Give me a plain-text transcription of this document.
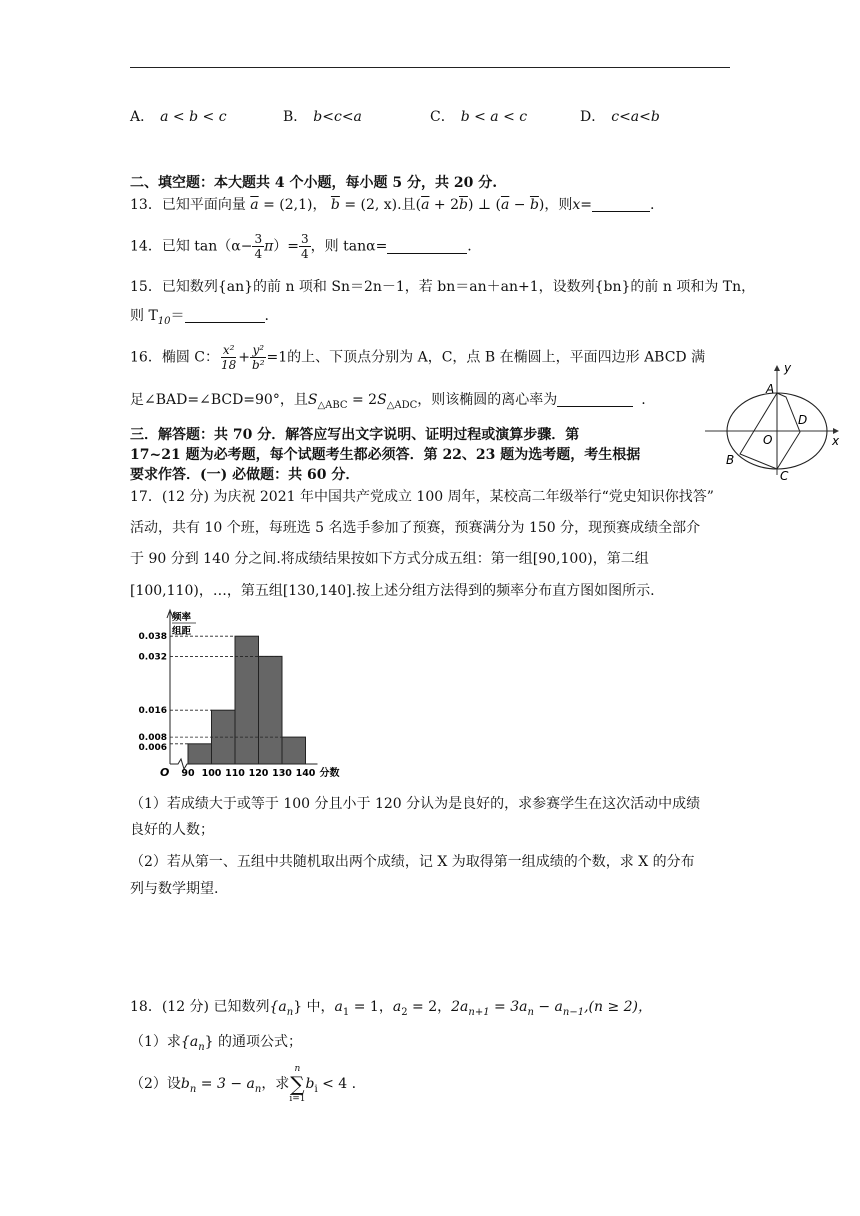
A． a < b < c	B． b<c<a	C． b < a < c	D． c<a<b
二、填空题：本大题共 4 个小题，每小题 5 分，共 20 分.
13．已知平面向量 $\overline{a} = (2,1)$， $\overline{b} = (2$, x).且$(\overline{a} + 2\overline{b})$ ⊥ $(\overline{a} - \overline{b})$，则x=	.
14．已知 $\tan(\alpha- \frac{3}{4} \pi)= \frac{3}{4}$ ，则 tanα=	.
15．已知数列{an}的前 n 项和 Sn＝2n－1，若 bn＝an＋an+1，设数列{bn}的前 n 项和为 Tn，
则 $T_{10}=$	.
16．椭圆 C： $\frac{\text{x²}}{18} + \frac{\text{y²}}{\text{b²}} =1$的上、下顶点分别为 A，C，点 B 在椭圆上，平面四边形 ABCD 满
足∠BAD=∠BCD=90°，且$S_{\triangle ABC} = 2S_{\triangle ADC}$，则该椭圆的离心率为	.
y
x
A
B
C
D
O
三．解答题：共 70 分．解答应写出文字说明、证明过程或演算步骤．第
17~21 题为必考题，每个试题考生都必须答．第 22、23 题为选考题，考生根据
要求作答．(一) 必做题：共 60 分．
17．(12 分) 为庆祝 2021 年中国共产党成立 100 周年，某校高二年级举行“党史知识你找答”
活动，共有 10 个班，每班选 5 名选手参加了预赛，预赛满分为 150 分，现预赛成绩全部介
于 90 分到 140 分之间.将成绩结果按如下方式分成五组：第一组[90,100)，第二组
[100,110)，…，第五组[130,140].按上述分组方法得到的频率分布直方图如图所示.
0.038
0.032
0.016
0.008
0.006
90 100 110 120 130 140 分数
O
频率
组距
（1）若成绩大于或等于 100 分且小于 120 分认为是良好的，求参赛学生在这次活动中成绩
良好的人数；
（2）若从第一、五组中共随机取出两个成绩，记 X 为取得第一组成绩的个数，求 X 的分布
列与数学期望.
18．(12 分) 已知数列$\{a_n\}$ 中，$a_1 = 1$，$a_2 = 2$，$2a_{n+1} = 3a_n - a_{n-1},(n \ge 2)$，
（1）求$\{a_n\}$ 的通项公式；
（2）设$b_n = 3 - a_n$，求
n
∑
i=1
$b_i < 4$ .
